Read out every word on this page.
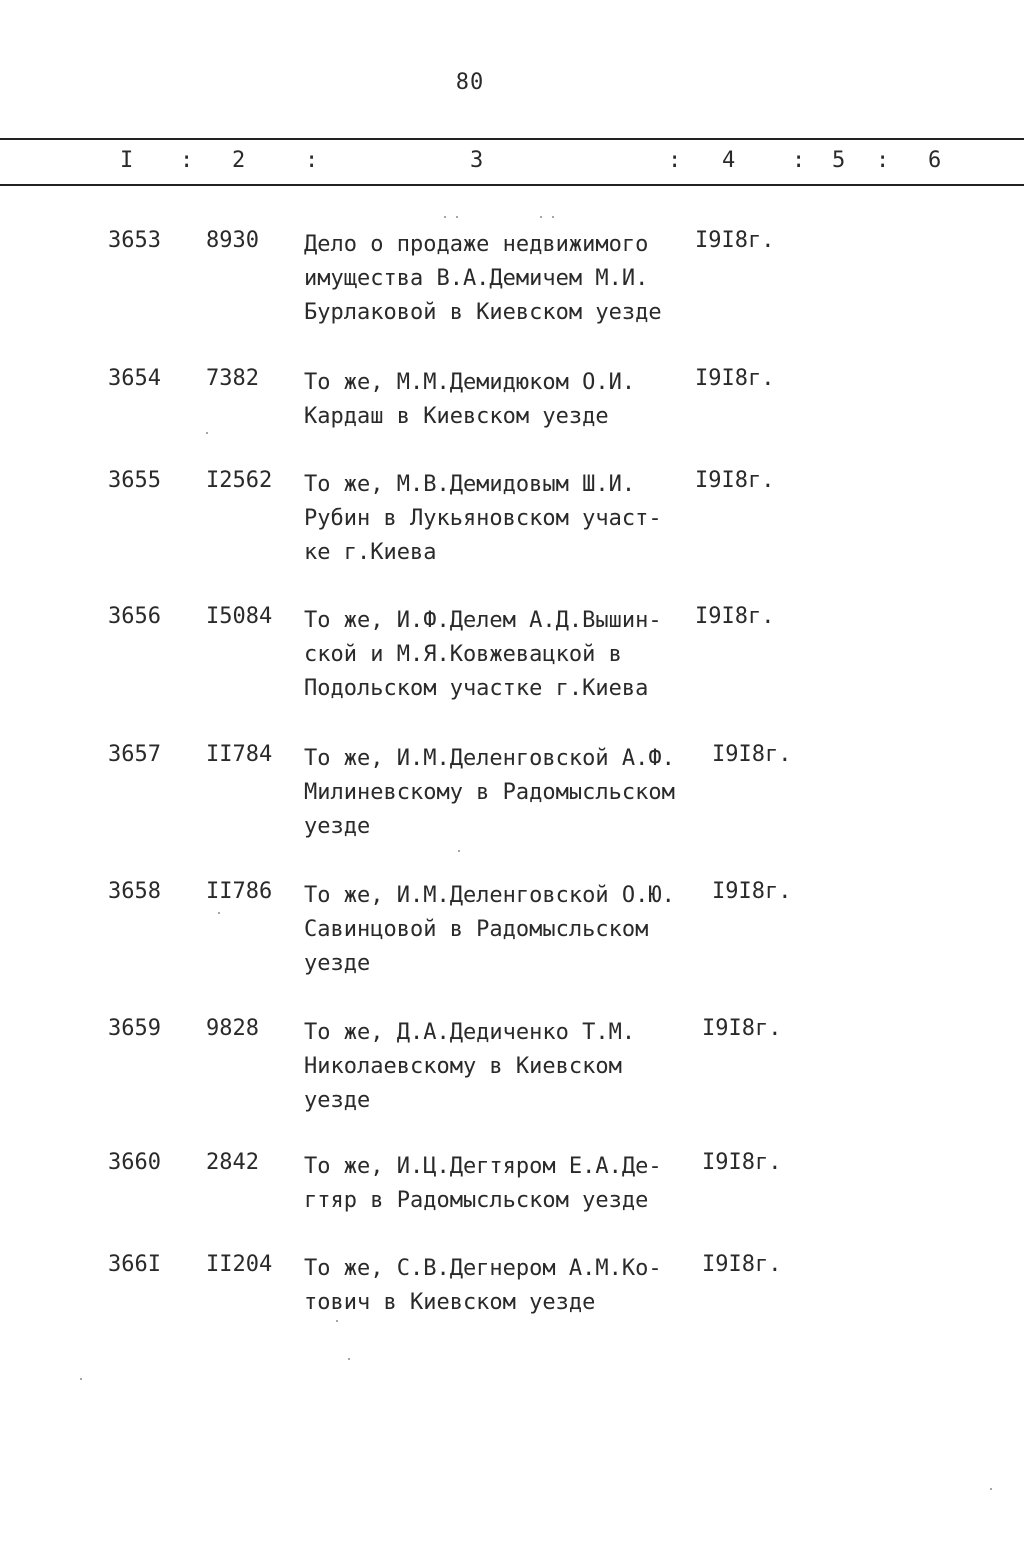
80
I : 2	:	3	: 4	: 5 : 6
3653 8930 Дело о продаже недвижимого
имущества В.А.Демичем М.И.
Бурлаковой в Киевском уезде
I9I8г.
3654 7382 То же, М.М.Демидюком О.И.
Кардаш в Киевском уезде
I9I8г.
3655 I2562 То же, М.В.Демидовым Ш.И.
Рубин в Лукьяновском участ-
ке г.Киева
I9I8г.
3656 I5084 То же, И.Ф.Делем А.Д.Вышин-
ской и М.Я.Ковжевацкой в
Подольском участке г.Киева
I9I8г.
3657 II784 То же, И.М.Деленговской А.Ф.
Милиневскому в Радомысльском
уезде
I9I8г.
3658 II786 То же, И.М.Деленговской О.Ю.
Савинцовой в Радомысльском
уезде
I9I8г.
3659 9828 То же, Д.А.Дедиченко Т.М.
Николаевскому в Киевском
уезде
I9I8г.
3660 2842 То же, И.Ц.Дегтяром Е.А.Де-
гтяр в Радомысльском уезде
I9I8г.
366I II204 То же, С.В.Дегнером А.М.Ко-
тович в Киевском уезде
I9I8г.
